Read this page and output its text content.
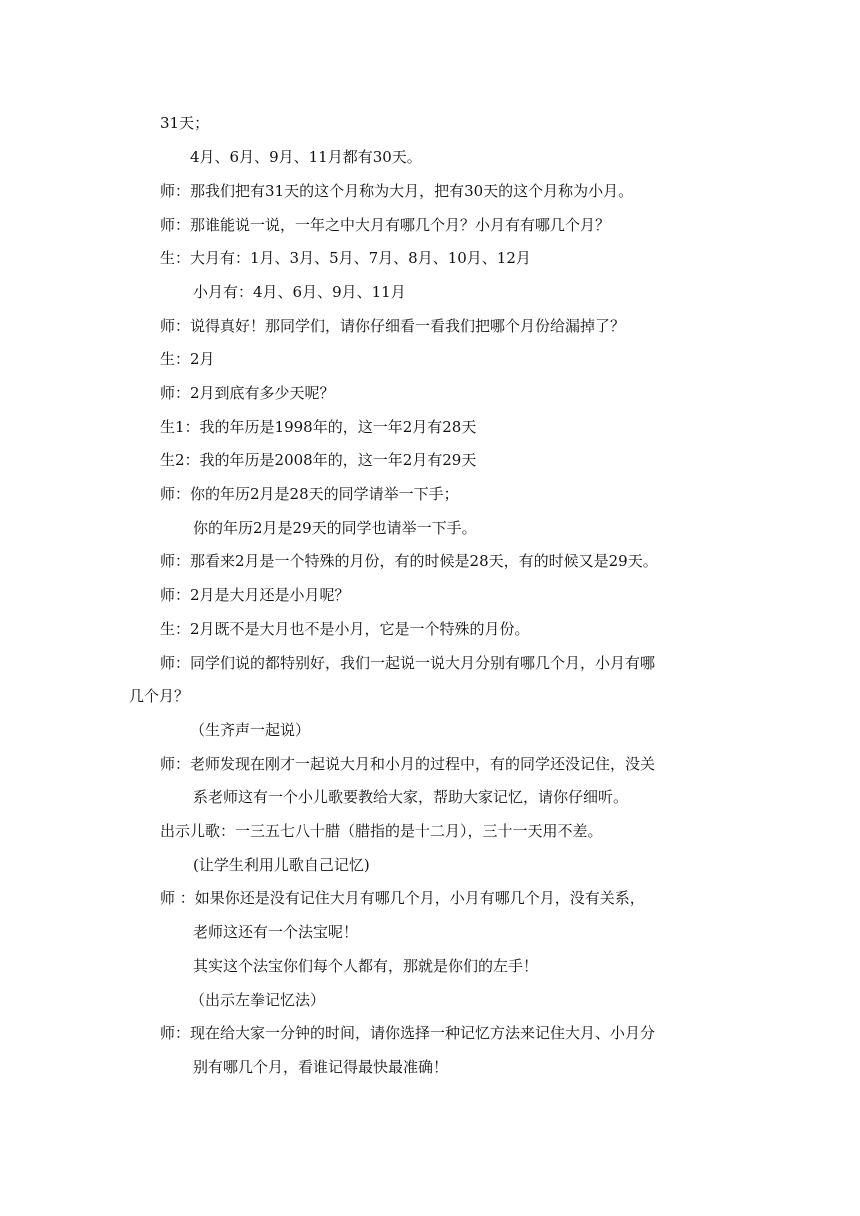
31天；
4月、6月、9月、11月都有30天。
师：那我们把有31天的这个月称为大月，把有30天的这个月称为小月。
师：那谁能说一说，一年之中大月有哪几个月？小月有有哪几个月？
生：大月有：1月、3月、5月、7月、8月、10月、12月
小月有：4月、6月、9月、11月
师：说得真好！那同学们，请你仔细看一看我们把哪个月份给漏掉了？
生：2月
师：2月到底有多少天呢？
生1：我的年历是1998年的，这一年2月有28天
生2：我的年历是2008年的，这一年2月有29天
师：你的年历2月是28天的同学请举一下手；
你的年历2月是29天的同学也请举一下手。
师：那看来2月是一个特殊的月份，有的时候是28天，有的时候又是29天。
师：2月是大月还是小月呢？
生：2月既不是大月也不是小月，它是一个特殊的月份。
师：同学们说的都特别好，我们一起说一说大月分别有哪几个月，小月有哪
几个月？
（生齐声一起说）
师：老师发现在刚才一起说大月和小月的过程中，有的同学还没记住，没关
系老师这有一个小儿歌要教给大家，帮助大家记忆，请你仔细听。
出示儿歌：一三五七八十腊（腊指的是十二月），三十一天用不差。
(让学生利用儿歌自己记忆)
师 ：如果你还是没有记住大月有哪几个月，小月有哪几个月，没有关系，
老师这还有一个法宝呢！
其实这个法宝你们每个人都有，那就是你们的左手！
（出示左拳记忆法）
师：现在给大家一分钟的时间，请你选择一种记忆方法来记住大月、小月分
别有哪几个月，看谁记得最快最准确！
